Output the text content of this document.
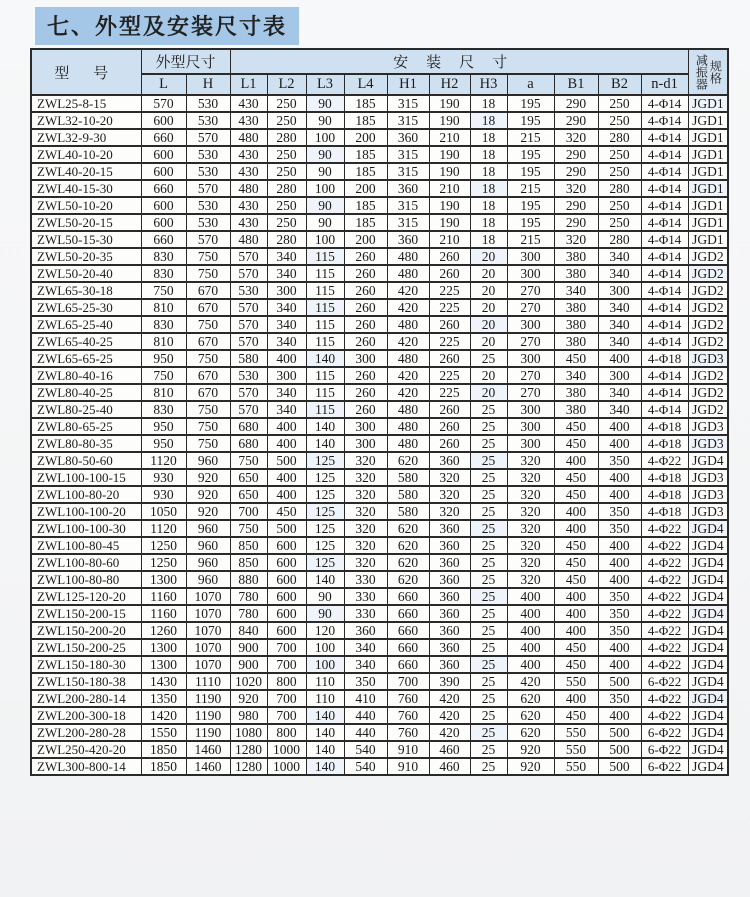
七、外型及安装尺寸表
型 号	外型尺寸		安装尺寸											减振器 规格

	L	H	L1	L2	L3	L4	H1	H2	H3	a	B1	B2	n-d1	
ZWL25-8-15	570	530	430	250	90	185	315	190	18	195	290	250	4-Φ14	JGD1
ZWL32-10-20	600	530	430	250	90	185	315	190	18	195	290	250	4-Φ14	JGD1
ZWL32-9-30	660	570	480	280	100	200	360	210	18	215	320	280	4-Φ14	JGD1
ZWL40-10-20	600	530	430	250	90	185	315	190	18	195	290	250	4-Φ14	JGD1
ZWL40-20-15	600	530	430	250	90	185	315	190	18	195	290	250	4-Φ14	JGD1
ZWL40-15-30	660	570	480	280	100	200	360	210	18	215	320	280	4-Φ14	JGD1
ZWL50-10-20	600	530	430	250	90	185	315	190	18	195	290	250	4-Φ14	JGD1
ZWL50-20-15	600	530	430	250	90	185	315	190	18	195	290	250	4-Φ14	JGD1
ZWL50-15-30	660	570	480	280	100	200	360	210	18	215	320	280	4-Φ14	JGD1
ZWL50-20-35	830	750	570	340	115	260	480	260	20	300	380	340	4-Φ14	JGD2
ZWL50-20-40	830	750	570	340	115	260	480	260	20	300	380	340	4-Φ14	JGD2
ZWL65-30-18	750	670	530	300	115	260	420	225	20	270	340	300	4-Φ14	JGD2
ZWL65-25-30	810	670	570	340	115	260	420	225	20	270	380	340	4-Φ14	JGD2
ZWL65-25-40	830	750	570	340	115	260	480	260	20	300	380	340	4-Φ14	JGD2
ZWL65-40-25	810	670	570	340	115	260	420	225	20	270	380	340	4-Φ14	JGD2
ZWL65-65-25	950	750	580	400	140	300	480	260	25	300	450	400	4-Φ18	JGD3
ZWL80-40-16	750	670	530	300	115	260	420	225	20	270	340	300	4-Φ14	JGD2
ZWL80-40-25	810	670	570	340	115	260	420	225	20	270	380	340	4-Φ14	JGD2
ZWL80-25-40	830	750	570	340	115	260	480	260	25	300	380	340	4-Φ14	JGD2
ZWL80-65-25	950	750	680	400	140	300	480	260	25	300	450	400	4-Φ18	JGD3
ZWL80-80-35	950	750	680	400	140	300	480	260	25	300	450	400	4-Φ18	JGD3
ZWL80-50-60	1120	960	750	500	125	320	620	360	25	320	400	350	4-Φ22	JGD4
ZWL100-100-15	930	920	650	400	125	320	580	320	25	320	450	400	4-Φ18	JGD3
ZWL100-80-20	930	920	650	400	125	320	580	320	25	320	450	400	4-Φ18	JGD3
ZWL100-100-20	1050	920	700	450	125	320	580	320	25	320	400	350	4-Φ18	JGD3
ZWL100-100-30	1120	960	750	500	125	320	620	360	25	320	400	350	4-Φ22	JGD4
ZWL100-80-45	1250	960	850	600	125	320	620	360	25	320	450	400	4-Φ22	JGD4
ZWL100-80-60	1250	960	850	600	125	320	620	360	25	320	450	400	4-Φ22	JGD4
ZWL100-80-80	1300	960	880	600	140	330	620	360	25	320	450	400	4-Φ22	JGD4
ZWL125-120-20	1160	1070	780	600	90	330	660	360	25	400	400	350	4-Φ22	JGD4
ZWL150-200-15	1160	1070	780	600	90	330	660	360	25	400	400	350	4-Φ22	JGD4
ZWL150-200-20	1260	1070	840	600	120	360	660	360	25	400	400	350	4-Φ22	JGD4
ZWL150-200-25	1300	1070	900	700	100	340	660	360	25	400	450	400	4-Φ22	JGD4
ZWL150-180-30	1300	1070	900	700	100	340	660	360	25	400	450	400	4-Φ22	JGD4
ZWL150-180-38	1430	1110	1020	800	110	350	700	390	25	420	550	500	6-Φ22	JGD4
ZWL200-280-14	1350	1190	920	700	110	410	760	420	25	620	400	350	4-Φ22	JGD4
ZWL200-300-18	1420	1190	980	700	140	440	760	420	25	620	450	400	4-Φ22	JGD4
ZWL200-280-28	1550	1190	1080	800	140	440	760	420	25	620	550	500	6-Φ22	JGD4
ZWL250-420-20	1850	1460	1280	1000	140	540	910	460	25	920	550	500	6-Φ22	JGD4
ZWL300-800-14	1850	1460	1280	1000	140	540	910	460	25	920	550	500	6-Φ22	JGD4
